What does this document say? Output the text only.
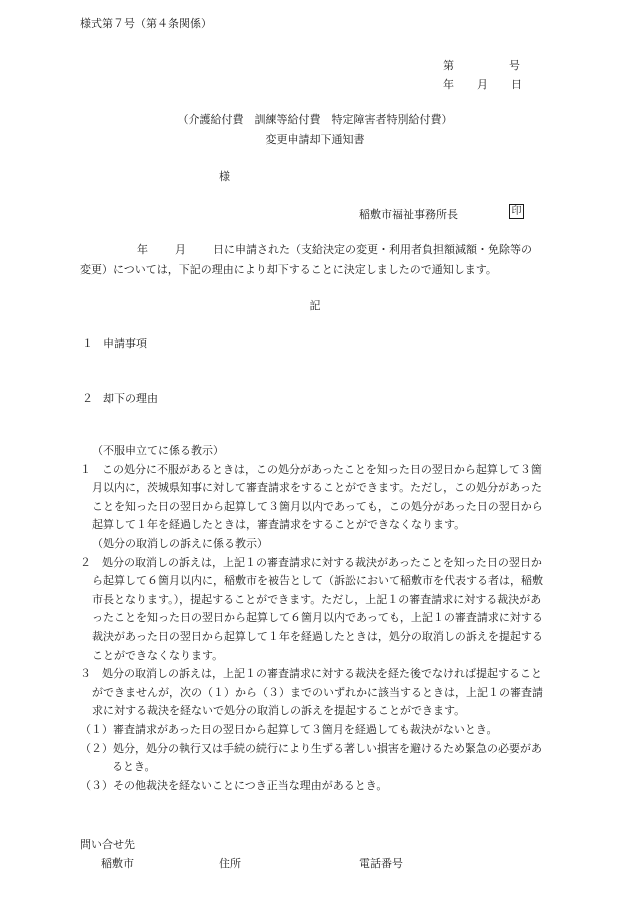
様式第７号（第４条関係）
第	号
年 月 日
（介護給付費　訓練等給付費　特定障害者特別給付費）
変更申請却下通知書
様
稲敷市福祉事務所長	印
年 月 日に申請された（支給決定の変更・利用者負担額減額・免除等の変更）については，下記の理由により却下することに決定しましたので通知します。
記
１ 申請事項
２ 却下の理由

（不服申立てに係る教示）

１　この処分に不服があるときは，この処分があったことを知った日の翌日から起算して３箇月以内に，茨城県知事に対して審査請求をすることができます。ただし，この処分があったことを知った日の翌日から起算して３箇月以内であっても，この処分があった日の翌日から起算して１年を経過したときは，審査請求をすることができなくなります。

（処分の取消しの訴えに係る教示）

２　処分の取消しの訴えは，上記１の審査請求に対する裁決があったことを知った日の翌日から起算して６箇月以内に，稲敷市を被告として（訴訟において稲敷市を代表する者は，稲敷市長となります。），提起することができます。ただし，上記１の審査請求に対する裁決があったことを知った日の翌日から起算して６箇月以内であっても，上記１の審査請求に対する裁決があった日の翌日から起算して１年を経過したときは，処分の取消しの訴えを提起することができなくなります。

３　処分の取消しの訴えは，上記１の審査請求に対する裁決を経た後でなければ提起することができませんが，次の（１）から（３）までのいずれかに該当するときは，上記１の審査請求に対する裁決を経ないで処分の取消しの訴えを提起することができます。

（１）審査請求があった日の翌日から起算して３箇月を経過しても裁決がないとき。

（２）処分，処分の執行又は手続の続行により生ずる著しい損害を避けるため緊急の必要があるとき。

（３）その他裁決を経ないことにつき正当な理由があるとき。

問い合せ先
稲敷市	住所	電話番号
